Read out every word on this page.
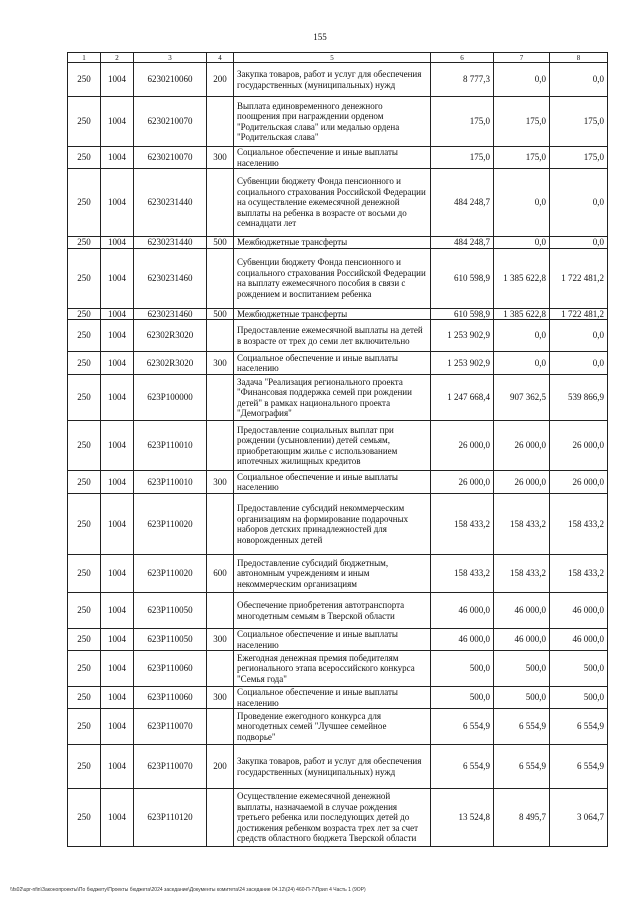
155
1	2	3	4	5	6	7	8
250	1004	6230210060	200	Закупка товаров, работ и услуг для обеспечения государственных (муниципальных) нужд	8 777,3	0,0	0,0
250	1004	6230210070		Выплата единовременного денежного поощрения при награждении орденом "Родительская слава" или медалью ордена "Родительская слава"	175,0	175,0	175,0
250	1004	6230210070	300	Социальное обеспечение и иные выплаты населению	175,0	175,0	175,0
250	1004	6230231440		Субвенции бюджету Фонда пенсионного и социального страхования Российской Федерации на осуществление ежемесячной денежной выплаты на ребенка в возрасте от восьми до семнадцати лет	484 248,7	0,0	0,0
250	1004	6230231440	500	Межбюджетные трансферты	484 248,7	0,0	0,0
250	1004	6230231460		Субвенции бюджету Фонда пенсионного и социального страхования Российской Федерации на выплату ежемесячного пособия в связи с рождением и воспитанием ребенка	610 598,9	1 385 622,8	1 722 481,2
250	1004	6230231460	500	Межбюджетные трансферты	610 598,9	1 385 622,8	1 722 481,2
250	1004	62302R3020		Предоставление ежемесячной выплаты на детей в возрасте от трех до семи лет включительно	1 253 902,9	0,0	0,0
250	1004	62302R3020	300	Социальное обеспечение и иные выплаты населению	1 253 902,9	0,0	0,0
250	1004	623P100000		Задача "Реализация регионального проекта "Финансовая поддержка семей при рождении детей" в рамках национального проекта "Демография"	1 247 668,4	907 362,5	539 866,9
250	1004	623P110010		Предоставление социальных выплат при рождении (усыновлении) детей семьям, приобретающим жилье с использованием ипотечных жилищных кредитов	26 000,0	26 000,0	26 000,0
250	1004	623P110010	300	Социальное обеспечение и иные выплаты населению	26 000,0	26 000,0	26 000,0
250	1004	623P110020		Предоставление субсидий некоммерческим организациям на формирование подарочных наборов детских принадлежностей для новорожденных детей	158 433,2	158 433,2	158 433,2
250	1004	623P110020	600	Предоставление субсидий бюджетным, автономным учреждениям и иным некоммерческим организациям	158 433,2	158 433,2	158 433,2
250	1004	623P110050		Обеспечение приобретения автотранспорта многодетным семьям в Тверской области	46 000,0	46 000,0	46 000,0
250	1004	623P110050	300	Социальное обеспечение и иные выплаты населению	46 000,0	46 000,0	46 000,0
250	1004	623P110060		Ежегодная денежная премия победителям регионального этапа всероссийского конкурса "Семья года"	500,0	500,0	500,0
250	1004	623P110060	300	Социальное обеспечение и иные выплаты населению	500,0	500,0	500,0
250	1004	623P110070		Проведение ежегодного конкурса для многодетных семей "Лучшее семейное подворье"	6 554,9	6 554,9	6 554,9
250	1004	623P110070	200	Закупка товаров, работ и услуг для обеспечения государственных (муниципальных) нужд	6 554,9	6 554,9	6 554,9
250	1004	623P110120		Осуществление ежемесячной денежной выплаты, назначаемой в случае рождения третьего ребенка или последующих детей до достижения ребенком возраста трех лет за счет средств областного бюджета Тверской области	13 524,8	8 495,7	3 064,7
\\fs02\upr-nfin\Законопроекты\По бюджету\Проекты бюджета\2024 заседание\Документы комитета\24 заседание 04.12\(24) 460-П-7\Прил 4 Часть 1 (9ОР)
